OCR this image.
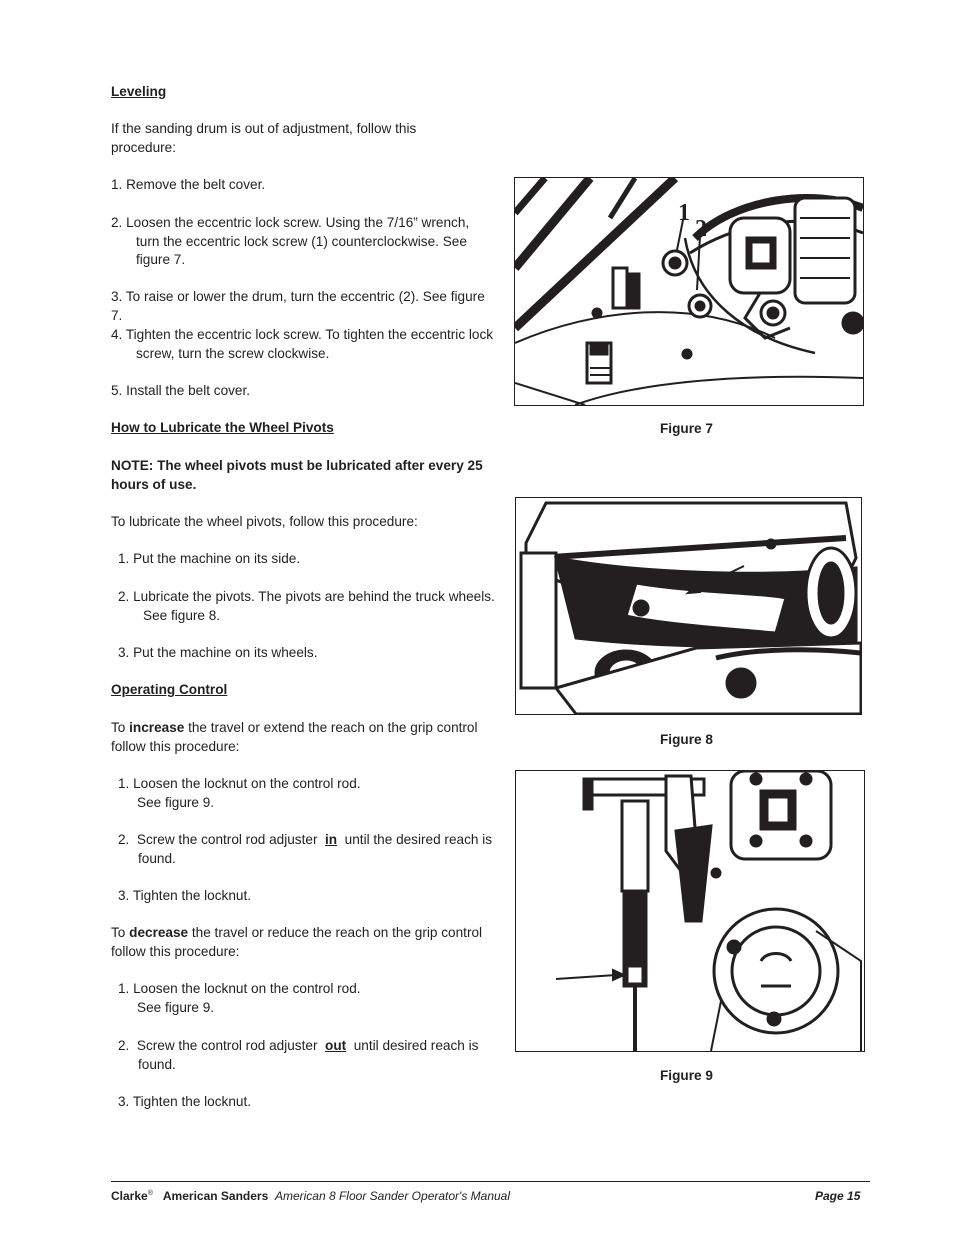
Leveling
If the sanding drum is out of adjustment, follow this
procedure:
1. Remove the belt cover.
2. Loosen the eccentric lock screw. Using the 7/16” wrench,
turn the eccentric lock screw (1) counterclockwise. See
figure 7.
3. To raise or lower the drum, turn the eccentric (2). See figure 7.
4. Tighten the eccentric lock screw. To tighten the eccentric lock
screw, turn the screw clockwise.
5. Install the belt cover.
How to Lubricate the Wheel Pivots
NOTE: The wheel pivots must be lubricated after every 25
hours of use.
To lubricate the wheel pivots, follow this procedure:
1. Put the machine on its side.
2. Lubricate the pivots. The pivots are behind the truck wheels.
See figure 8.
3. Put the machine on its wheels.
Operating Control
To increase the travel or extend the reach on the grip control
follow this procedure:
1. Loosen the locknut on the control rod.
See figure 9.
2.  Screw the control rod adjuster  in  until the desired reach is
found.
3. Tighten the locknut.
To decrease the travel or reduce the reach on the grip control
follow this procedure:
1. Loosen the locknut on the control rod.
See figure 9.
2.  Screw the control rod adjuster  out  until desired reach is
found.
3. Tighten the locknut.
1
2
Figure 7
Figure 8
Figure 9
Clarke® American Sanders American 8 Floor Sander Operator's Manual	Page 15
